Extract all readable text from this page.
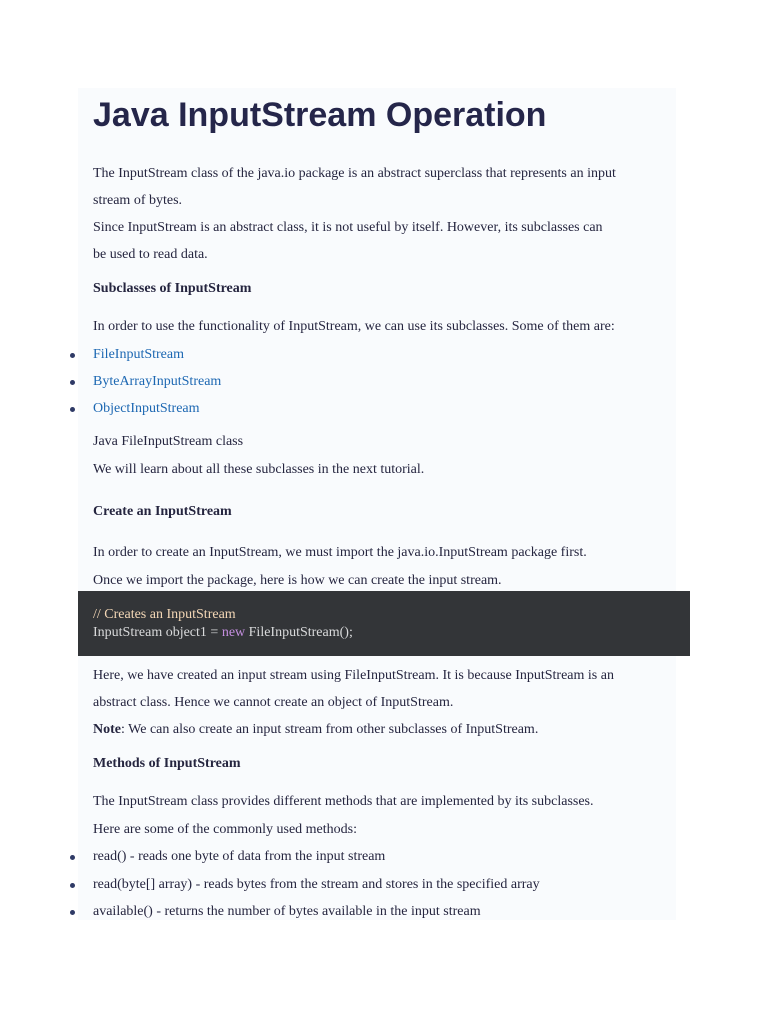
Java InputStream Operation
The InputStream class of the java.io package is an abstract superclass that represents an input
stream of bytes.
Since InputStream is an abstract class, it is not useful by itself. However, its subclasses can
be used to read data.
Subclasses of InputStream
In order to use the functionality of InputStream, we can use its subclasses. Some of them are:
FileInputStream
ByteArrayInputStream
ObjectInputStream
Java FileInputStream class
We will learn about all these subclasses in the next tutorial.
Create an InputStream
In order to create an InputStream, we must import the java.io.InputStream package first.
Once we import the package, here is how we can create the input stream.
// Creates an InputStream
InputStream object1 = new FileInputStream();
Here, we have created an input stream using FileInputStream. It is because InputStream is an
abstract class. Hence we cannot create an object of InputStream.
Note: We can also create an input stream from other subclasses of InputStream.
Methods of InputStream
The InputStream class provides different methods that are implemented by its subclasses.
Here are some of the commonly used methods:
read() - reads one byte of data from the input stream
read(byte[] array) - reads bytes from the stream and stores in the specified array
available() - returns the number of bytes available in the input stream
